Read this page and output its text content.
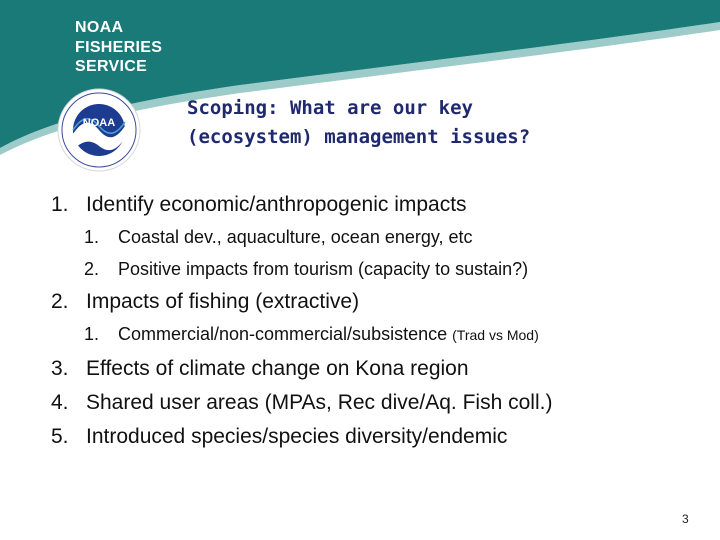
NOAA
FISHERIES
SERVICE
NOAA
Scoping: What are our key
(ecosystem) management issues?
1. Identify economic/anthropogenic impacts
1. Coastal dev., aquaculture, ocean energy, etc
2. Positive impacts from tourism (capacity to sustain?)
2. Impacts of fishing (extractive)
1. Commercial/non-commercial/subsistence (Trad vs Mod)
3. Effects of climate change on Kona region
4. Shared user areas (MPAs, Rec dive/Aq. Fish coll.)
5. Introduced species/species diversity/endemic
3
